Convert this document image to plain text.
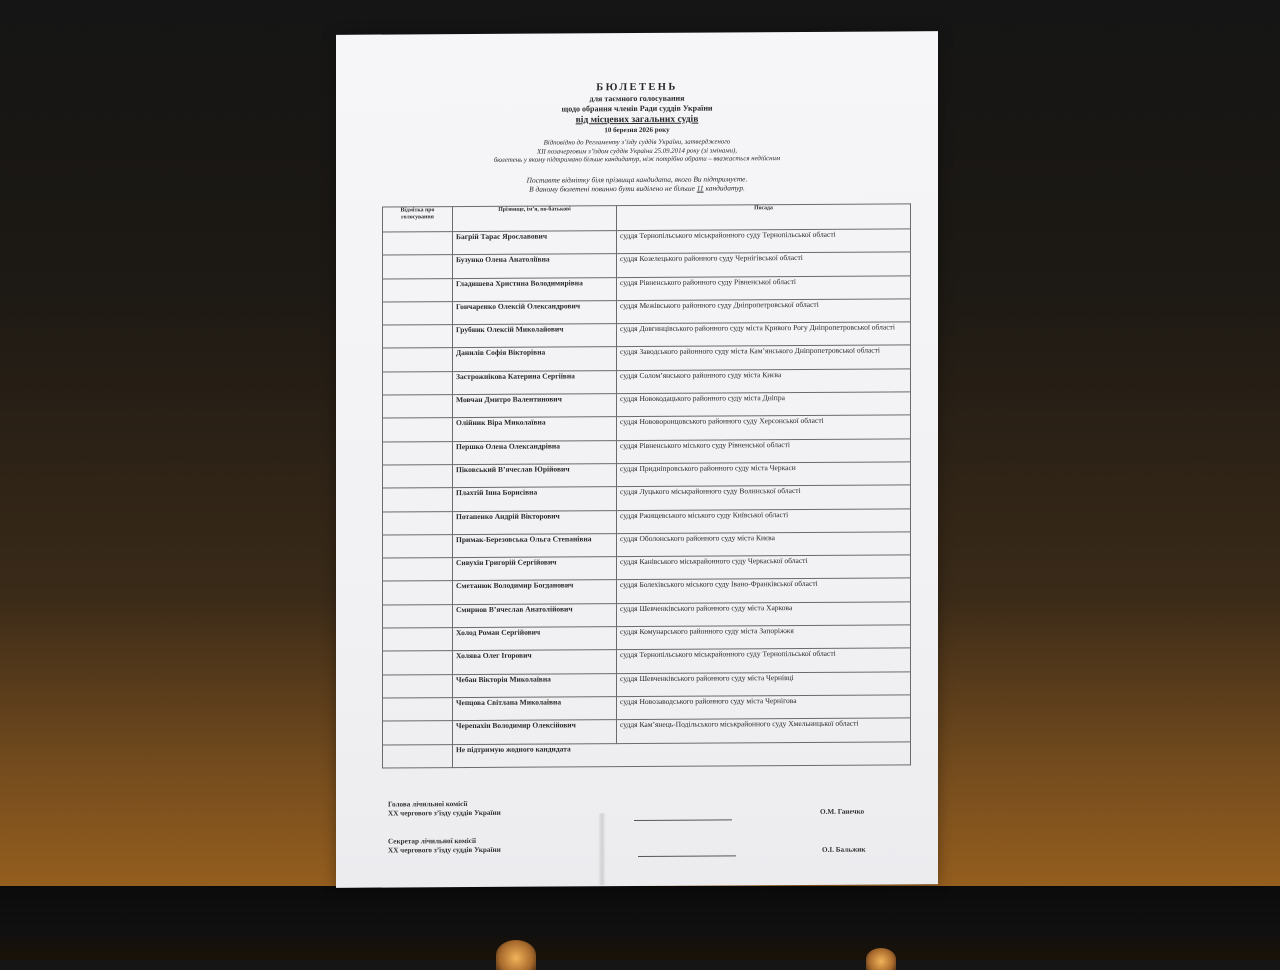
БЮЛЕТЕНЬ
для таємного голосування
щодо обрання членів Ради суддів України
від місцевих загальних судів
10 березня 2026 року
Відповідно до Регламенту з’їзду суддів України, затвердженого
XII позачерговим з’їздом суддів України 25.09.2014 року (зі змінами),
бюлетень у якому підтримано більше кандидатур, ніж потрібно обрати – вважається недійсним
Поставте відмітку біля прізвища кандидата, якого Ви підтримуєте.
В даному бюлетені повинно бути виділено не більше 11 кандидатур.
Відмітка про голосування	Прізвище, ім’я, по-батькові	Посада
	Багрій Тарас Ярославович	суддя Тернопільського міськрайонного суду Тернопільської області
	Бузунко Олена Анатоліївна	суддя Козелецького районного суду Чернігівської області
	Гладишева Христина Володимирівна	суддя Рівненського районного суду Рівненської області
	Гончаренко Олексій Олександрович	суддя Межівського районного суду Дніпропетровської області
	Грубник Олексій Миколайович	суддя Довгинцівського районного суду міста Кривого Рогу Дніпропетровської області
	Данилів Софія Вікторівна	суддя Заводського районного суду міста Кам’янського Дніпропетровської області
	Застрожнікова Катерина Сергіївна	суддя Солом’янського районного суду міста Києва
	Мовчан Дмитро Валентинович	суддя Новокодацького районного суду міста Дніпра
	Олійник Віра Миколаївна	суддя Нововоронцовського районного суду Херсонської області
	Першко Олена Олександрівна	суддя Рівненського міського суду Рівненської області
	Піковський В’ячеслав Юрійович	суддя Придніпровського районного суду міста Черкаси
	Плахтій Інна Борисівна	суддя Луцького міськрайонного суду Волинської області
	Потапенко Андрій Вікторович	суддя Ржищевського міського суду Київської області
	Примак-Березовська Ольга Степанівна	суддя Оболонського районного суду міста Києва
	Сивухін Григорій Сергійович	суддя Канівського міськрайонного суду Черкаської області
	Сметанюк Володимир Богданович	суддя Болехівського міського суду Івано-Франківської області
	Смирнов В’ячеслав Анатолійович	суддя Шевченківського районного суду міста Харкова
	Холод Роман Сергійович	суддя Комунарського районного суду міста Запоріжжя
	Холява Олег Ігорович	суддя Тернопільського міськрайонного суду Тернопільської області
	Чебан Вікторія Миколаївна	суддя Шевченківського районного суду міста Чернівці
	Чепцова Світлана Миколаївна	суддя Новозаводського районного суду міста Чернігова
	Черепахін Володимир Олексійович	суддя Кам’янець-Подільського міськрайонного суду Хмельницької області
	Не підтримую жодного кандидата	
Голова лічильної комісії
XX чергового з’їзду суддів України	О.М. Ганечко
Секретар лічильної комісії
XX чергового з’їзду суддів України	О.І. Бальжик
